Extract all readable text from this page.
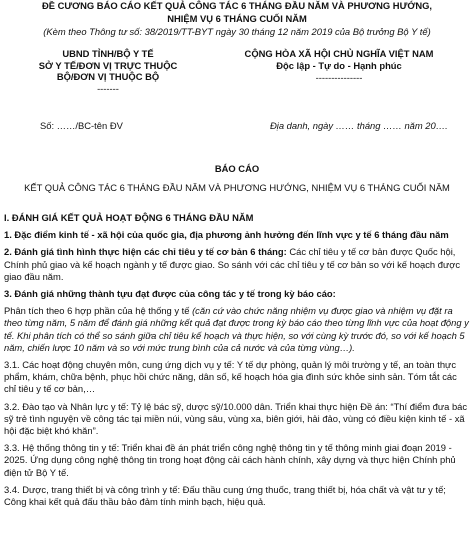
ĐỀ CƯƠNG BÁO CÁO KẾT QUẢ CÔNG TÁC 6 THÁNG ĐẦU NĂM VÀ PHƯƠNG HƯỚNG,
NHIỆM VỤ 6 THÁNG CUỐI NĂM
(Kèm theo Thông tư số: 38/2019/TT-BYT ngày 30 tháng 12 năm 2019 của Bộ trưởng Bộ Y tế)
UBND TỈNH/BỘ Y TẾ
SỞ Y TẾ/ĐƠN VỊ TRỰC THUỘC
BỘ/ĐƠN VỊ THUỘC BỘ
-------
CỘNG HÒA XÃ HỘI CHỦ NGHĨA VIỆT NAM
Độc lập - Tự do - Hạnh phúc
---------------
Số: ……/BC-tên ĐV	Địa danh, ngày …… tháng …… năm 20….
BÁO CÁO
KẾT QUẢ CÔNG TÁC 6 THÁNG ĐẦU NĂM VÀ PHƯƠNG HƯỚNG, NHIỆM VỤ 6 THÁNG CUỐI NĂM
I. ĐÁNH GIÁ KẾT QUẢ HOẠT ĐỘNG 6 THÁNG ĐẦU NĂM

1. Đặc điểm kinh tế - xã hội của quốc gia, địa phương ảnh hưởng đến lĩnh vực y tế 6 tháng đầu năm

2. Đánh giá tình hình thực hiện các chỉ tiêu y tế cơ bản 6 tháng: Các chỉ tiêu y tế cơ bản được Quốc hội, Chính phủ giao và kế hoạch ngành y tế được giao. So sánh với các chỉ tiêu y tế cơ bản so với kế hoạch được giao đầu năm.

3. Đánh giá những thành tựu đạt được của công tác y tế trong kỳ báo cáo:

Phân tích theo 6 hợp phần của hệ thống y tế (căn cứ vào chức năng nhiệm vụ được giao và nhiệm vụ đặt ra theo từng năm, 5 năm để đánh giá những kết quả đạt được trong kỳ báo cáo theo từng lĩnh vực của hoạt động y tế. Khi phân tích có thể so sánh giữa chỉ tiêu kế hoạch và thực hiện, so với cùng kỳ trước đó, so với kế hoạch 5 năm, chiến lược 10 năm và so với mức trung bình của cả nước và của từng vùng…).

3.1. Các hoạt động chuyên môn, cung ứng dịch vụ y tế: Y tế dự phòng, quản lý môi trường y tế, an toàn thực phẩm, khám, chữa bệnh, phục hồi chức năng, dân số, kế hoạch hóa gia đình sức khỏe sinh sản. Tóm tắt các chỉ tiêu y tế cơ bản,…

3.2. Đào tạo và Nhân lực y tế: Tỷ lệ bác sỹ, dược sỹ/10.000 dân. Triển khai thực hiện Đề án: “Thí điểm đưa bác sỹ trẻ tình nguyện về công tác tại miền núi, vùng sâu, vùng xa, biên giới, hải đảo, vùng có điều kiện kinh tế - xã hội đặc biệt khó khăn”.

3.3. Hệ thống thông tin y tế: Triển khai đề án phát triển công nghệ thông tin y tế thông minh giai đoạn 2019 - 2025. Ứng dụng công nghệ thông tin trong hoạt động cải cách hành chính, xây dựng và thực hiện Chính phủ điện tử Bộ Y tế.

3.4. Dược, trang thiết bị và công trình y tế: Đấu thầu cung ứng thuốc, trang thiết bị, hóa chất và vật tư y tế; Công khai kết quả đấu thầu bảo đảm tính minh bạch, hiệu quả.
